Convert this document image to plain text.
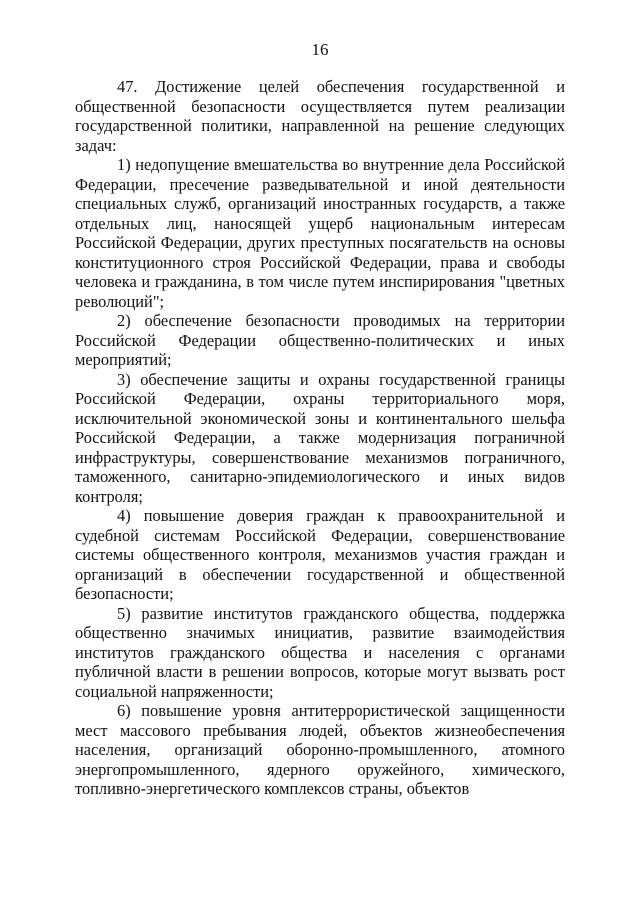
16

47. Достижение целей обеспечения государственной и общественной безопасности осуществляется путем реализации государственной политики, направленной на решение следующих задач:

1) недопущение вмешательства во внутренние дела Российской Федерации, пресечение разведывательной и иной деятельности специальных служб, организаций иностранных государств, а также отдельных лиц, наносящей ущерб национальным интересам Российской Федерации, других преступных посягательств на основы конституционного строя Российской Федерации, права и свободы человека и гражданина, в том числе путем инспирирования "цветных революций";

2) обеспечение безопасности проводимых на территории Российской Федерации общественно-политических и иных мероприятий;

3) обеспечение защиты и охраны государственной границы Российской Федерации, охраны территориального моря, исключительной экономической зоны и континентального шельфа Российской Федерации, а также модернизация пограничной инфраструктуры, совершенствование механизмов пограничного, таможенного, санитарно-эпидемиологического и иных видов контроля;

4) повышение доверия граждан к правоохранительной и судебной системам Российской Федерации, совершенствование системы общественного контроля, механизмов участия граждан и организаций в обеспечении государственной и общественной безопасности;

5) развитие институтов гражданского общества, поддержка общественно значимых инициатив, развитие взаимодействия институтов гражданского общества и населения с органами публичной власти в решении вопросов, которые могут вызвать рост социальной напряженности;

6) повышение уровня антитеррористической защищенности мест массового пребывания людей, объектов жизнеобеспечения населения, организаций оборонно-промышленного, атомного энергопромышленного, ядерного оружейного, химического, топливно-энергетического комплексов страны, объектов
